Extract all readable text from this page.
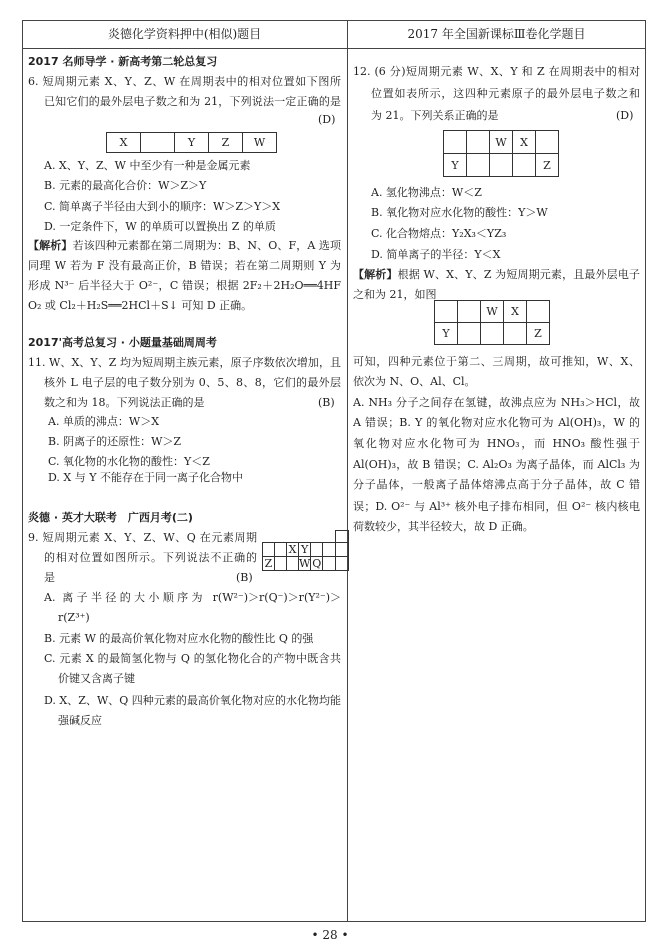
炎德化学资料押中(相似)题目	2017 年全国新课标Ⅲ卷化学题目
2017 名师导学 · 新高考第二轮总复习
6. 短周期元素 X、Y、Z、W 在周期表中的相对位置如下图所
已知它们的最外层电子数之和为 21，下列说法一定正确的是
(D)
X		Y	Z	W
A. X、Y、Z、W 中至少有一种是金属元素
B. 元素的最高化合价：W＞Z＞Y
C. 简单离子半径由大到小的顺序：W＞Z＞Y＞X
D. 一定条件下，W 的单质可以置换出 Z 的单质
【解析】若该四种元素都在第二周期为：B、N、O、F，A 选项
同理 W 若为 F 没有最高正价，B 错误；若在第二周期则 Y 为
形成 N³⁻ 后半径大于 O²⁻，C 错误；根据 2F₂＋2H₂O══4HF
O₂ 或 Cl₂＋H₂S══2HCl＋S↓ 可知 D 正确。
2017'高考总复习 · 小题量基础周周考
11. W、X、Y、Z 均为短周期主族元素，原子序数依次增加，且
核外 L 电子层的电子数分别为 0、5、8、8，它们的最外层
数之和为 18。下列说法正确的是	(B)
A. 单质的沸点：W＞X
B. 阴离子的还原性：W＞Z
C. 氧化物的水化物的酸性：Y＜Z
D. X 与 Y 不能存在于同一离子化合物中
炎德 · 英才大联考　广西月考(二)
9. 短周期元素 X、Y、Z、W、Q 在元素周期
的相对位置如图所示。下列说法不正确的
是	(B)

		X	Y			
Z			W	Q		
A. 离子半径的大小顺序为 r(W²⁻)＞r(Q⁻)＞r(Y²⁻)＞
r(Z³⁺)
B. 元素 W 的最高价氧化物对应水化物的酸性比 Q 的强
C. 元素 X 的最简氢化物与 Q 的氢化物化合的产物中既含共
价键又含离子键
D. X、Z、W、Q 四种元素的最高价氧化物对应的水化物均能
强碱反应
12. (6 分)短周期元素 W、X、Y 和 Z 在周期表中的相对
位置如表所示，这四种元素原子的最外层电子数之和
为 21。下列关系正确的是	(D)
		W	X	
Y				Z
A. 氢化物沸点：W＜Z
B. 氧化物对应水化物的酸性：Y＞W
C. 化合物熔点：Y₂X₃＜YZ₃
D. 简单离子的半径：Y＜X
【解析】根据 W、X、Y、Z 为短周期元素，且最外层电子
之和为 21，如图
		W	X	
Y				Z
可知，四种元素位于第二、三周期，故可推知，W、X、
依次为 N、O、Al、Cl。
A. NH₃ 分子之间存在氢键，故沸点应为 NH₃＞HCl，故
A 错误；B. Y 的氧化物对应水化物可为 Al(OH)₃，W 的
氧化物对应水化物可为 HNO₃，而 HNO₃ 酸性强于
Al(OH)₃，故 B 错误；C. Al₂O₃ 为离子晶体，而 AlCl₃ 为
分子晶体，一般离子晶体熔沸点高于分子晶体，故 C 错
误；D. O²⁻ 与 Al³⁺ 核外电子排布相同，但 O²⁻ 核内核电
荷数较少，其半径较大，故 D 正确。
• 28 •
